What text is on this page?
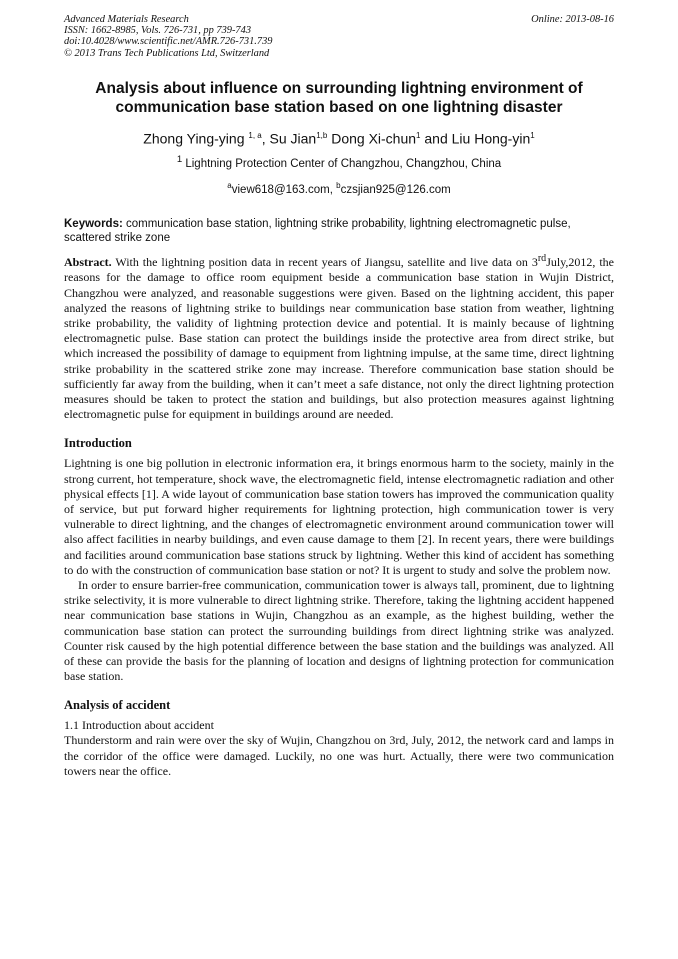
Advanced Materials Research
ISSN: 1662-8985, Vols. 726-731, pp 739-743
doi:10.4028/www.scientific.net/AMR.726-731.739
© 2013 Trans Tech Publications Ltd, Switzerland
Online: 2013-08-16
Analysis about influence on surrounding lightning environment of
communication base station based on one lightning disaster
Zhong Ying-ying $^{1, a}$, Su Jian$^{1,b}$ Dong Xi-chun$^1$ and Liu Hong-yin$^1$
$^1$ Lightning Protection Center of Changzhou, Changzhou, China
$^a$view618@163.com, $^b$czsjian925@126.com
Keywords: communication base station, lightning strike probability, lightning electromagnetic pulse, scattered strike zone

Abstract. With the lightning position data in recent years of Jiangsu, satellite and live data on 3rdJuly,2012, the reasons for the damage to office room equipment beside a communication base station in Wujin District, Changzhou were analyzed, and reasonable suggestions were given. Based on the lightning accident, this paper analyzed the reasons of lightning strike to buildings near communication base station from weather, lightning strike probability, the validity of lightning protection device and potential. It is mainly because of lightning electromagnetic pulse. Base station can protect the buildings inside the protective area from direct strike, but which increased the possibility of damage to equipment from lightning impulse, at the same time, direct lightning strike probability in the scattered strike zone may increase. Therefore communication base station should be sufficiently far away from the building, when it can’t meet a safe distance, not only the direct lightning protection measures should be taken to protect the station and buildings, but also protection measures against lightning electromagnetic pulse for equipment in buildings around are needed.

Introduction

Lightning is one big pollution in electronic information era, it brings enormous harm to the society, mainly in the strong current, hot temperature, shock wave, the electromagnetic field, intense electromagnetic radiation and other physical effects [1]. A wide layout of communication base station towers has improved the communication quality of service, but put forward higher requirements for lightning protection, high communication tower is very vulnerable to direct lightning, and the changes of electromagnetic environment around communication tower will also affect facilities in nearby buildings, and even cause damage to them [2]. In recent years, there were buildings and facilities around communication base stations struck by lightning. Wether this kind of accident has something to do with the construction of communication base station or not? It is urgent to study and solve the problem now.

In order to ensure barrier-free communication, communication tower is always tall, prominent, due to lightning strike selectivity, it is more vulnerable to direct lightning strike. Therefore, taking the lightning accident happened near communication base stations in Wujin, Changzhou as an example, as the highest building, wether the communication base station can protect the surrounding buildings from direct lightning strike was analyzed. Counter risk caused by the high potential difference between the base station and the buildings was analyzed. All of these can provide the basis for the planning of location and designs of lightning protection for communication base station.

Analysis of accident
1.1 Introduction about accident

Thunderstorm and rain were over the sky of Wujin, Changzhou on 3rd, July, 2012, the network card and lamps in the corridor of the office were damaged. Luckily, no one was hurt. Actually, there were two communication towers near the office.
